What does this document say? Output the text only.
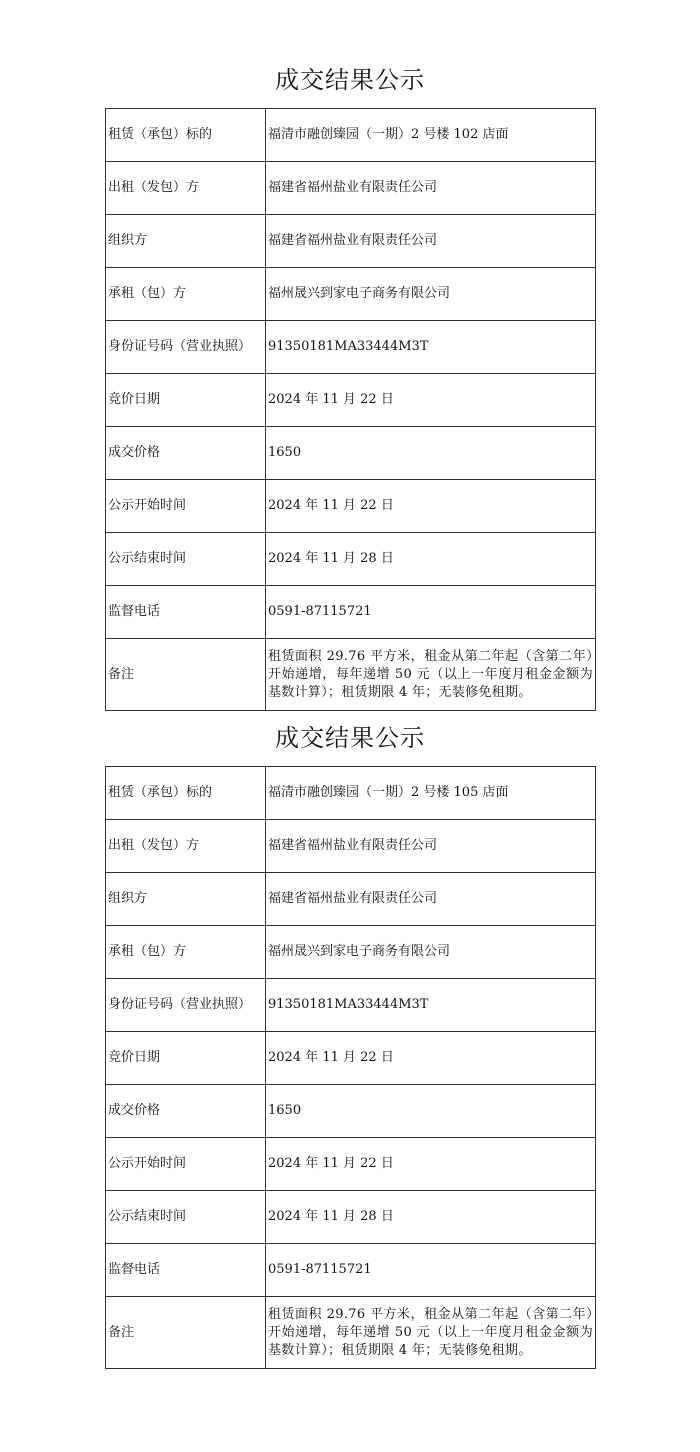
成交结果公示
租赁（承包）标的	福清市融创臻园（一期）2 号楼 102 店面
出租（发包）方	福建省福州盐业有限责任公司
组织方	福建省福州盐业有限责任公司
承租（包）方	福州晟兴到家电子商务有限公司
身份证号码（营业执照）	91350181MA33444M3T
竞价日期	2024 年 11 月 22 日
成交价格	1650
公示开始时间	2024 年 11 月 22 日
公示结束时间	2024 年 11 月 28 日
监督电话	0591-87115721
备注	租赁面积 29.76 平方米，租金从第二年起（含第二年）开始递增，每年递增 50 元（以上一年度月租金金额为基数计算）；租赁期限 4 年；无装修免租期。
成交结果公示
租赁（承包）标的	福清市融创臻园（一期）2 号楼 105 店面
出租（发包）方	福建省福州盐业有限责任公司
组织方	福建省福州盐业有限责任公司
承租（包）方	福州晟兴到家电子商务有限公司
身份证号码（营业执照）	91350181MA33444M3T
竞价日期	2024 年 11 月 22 日
成交价格	1650
公示开始时间	2024 年 11 月 22 日
公示结束时间	2024 年 11 月 28 日
监督电话	0591-87115721
备注	租赁面积 29.76 平方米，租金从第二年起（含第二年）开始递增，每年递增 50 元（以上一年度月租金金额为基数计算）；租赁期限 4 年；无装修免租期。
